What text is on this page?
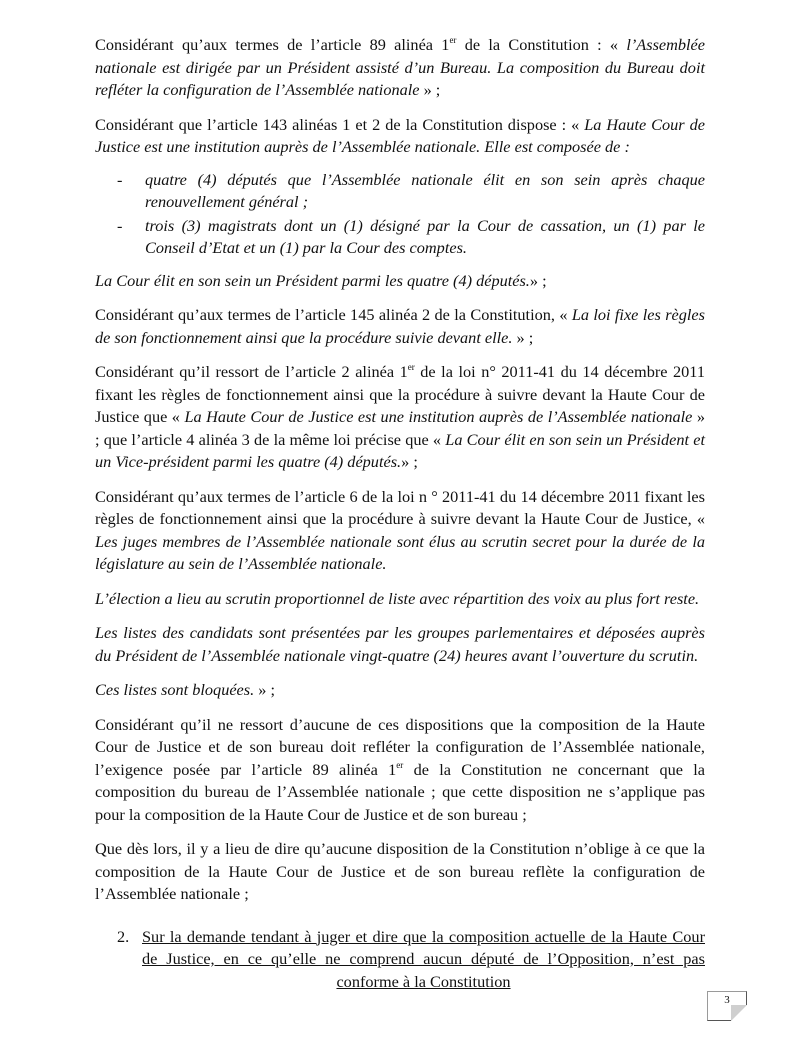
Considérant qu’aux termes de l’article 89 alinéa 1er de la Constitution : « l’Assemblée nationale est dirigée par un Président assisté d’un Bureau. La composition du Bureau doit refléter la configuration de l’Assemblée nationale » ;

Considérant que l’article 143 alinéas 1 et 2 de la Constitution dispose : « La Haute Cour de Justice est une institution auprès de l’Assemblée nationale. Elle est composée de :

- quatre (4) députés que l’Assemblée nationale élit en son sein après chaque renouvellement général ;
- trois (3) magistrats dont un (1) désigné par la Cour de cassation, un (1) par le Conseil d’Etat et un (1) par la Cour des comptes.

La Cour élit en son sein un Président parmi les quatre (4) députés.» ;

Considérant qu’aux termes de l’article 145 alinéa 2 de la Constitution, « La loi fixe les règles de son fonctionnement ainsi que la procédure suivie devant elle. » ;

Considérant qu’il ressort de l’article 2 alinéa 1er de la loi n° 2011-41 du 14 décembre 2011 fixant les règles de fonctionnement ainsi que la procédure à suivre devant la Haute Cour de Justice que « La Haute Cour de Justice est une institution auprès de l’Assemblée nationale » ; que l’article 4 alinéa 3 de la même loi précise que « La Cour élit en son sein un Président et un Vice-président parmi les quatre (4) députés.» ;

Considérant qu’aux termes de l’article 6 de la loi n ° 2011-41 du 14 décembre 2011 fixant les règles de fonctionnement ainsi que la procédure à suivre devant la Haute Cour de Justice, « Les juges membres de l’Assemblée nationale sont élus au scrutin secret pour la durée de la législature au sein de l’Assemblée nationale.

L’élection a lieu au scrutin proportionnel de liste avec répartition des voix au plus fort reste.

Les listes des candidats sont présentées par les groupes parlementaires et déposées auprès du Président de l’Assemblée nationale vingt-quatre (24) heures avant l’ouverture du scrutin.

Ces listes sont bloquées. » ;

Considérant qu’il ne ressort d’aucune de ces dispositions que la composition de la Haute Cour de Justice et de son bureau doit refléter la configuration de l’Assemblée nationale, l’exigence posée par l’article 89 alinéa 1er de la Constitution ne concernant que la composition du bureau de l’Assemblée nationale ; que cette disposition ne s’applique pas pour la composition de la Haute Cour de Justice et de son bureau ;

Que dès lors, il y a lieu de dire qu’aucune disposition de la Constitution n’oblige à ce que la composition de la Haute Cour de Justice et de son bureau reflète la configuration de l’Assemblée nationale ;

2. Sur la demande tendant à juger et dire que la composition actuelle de la Haute Cour de Justice, en ce qu’elle ne comprend aucun député de l’Opposition, n’est pas conforme à la Constitution
3
